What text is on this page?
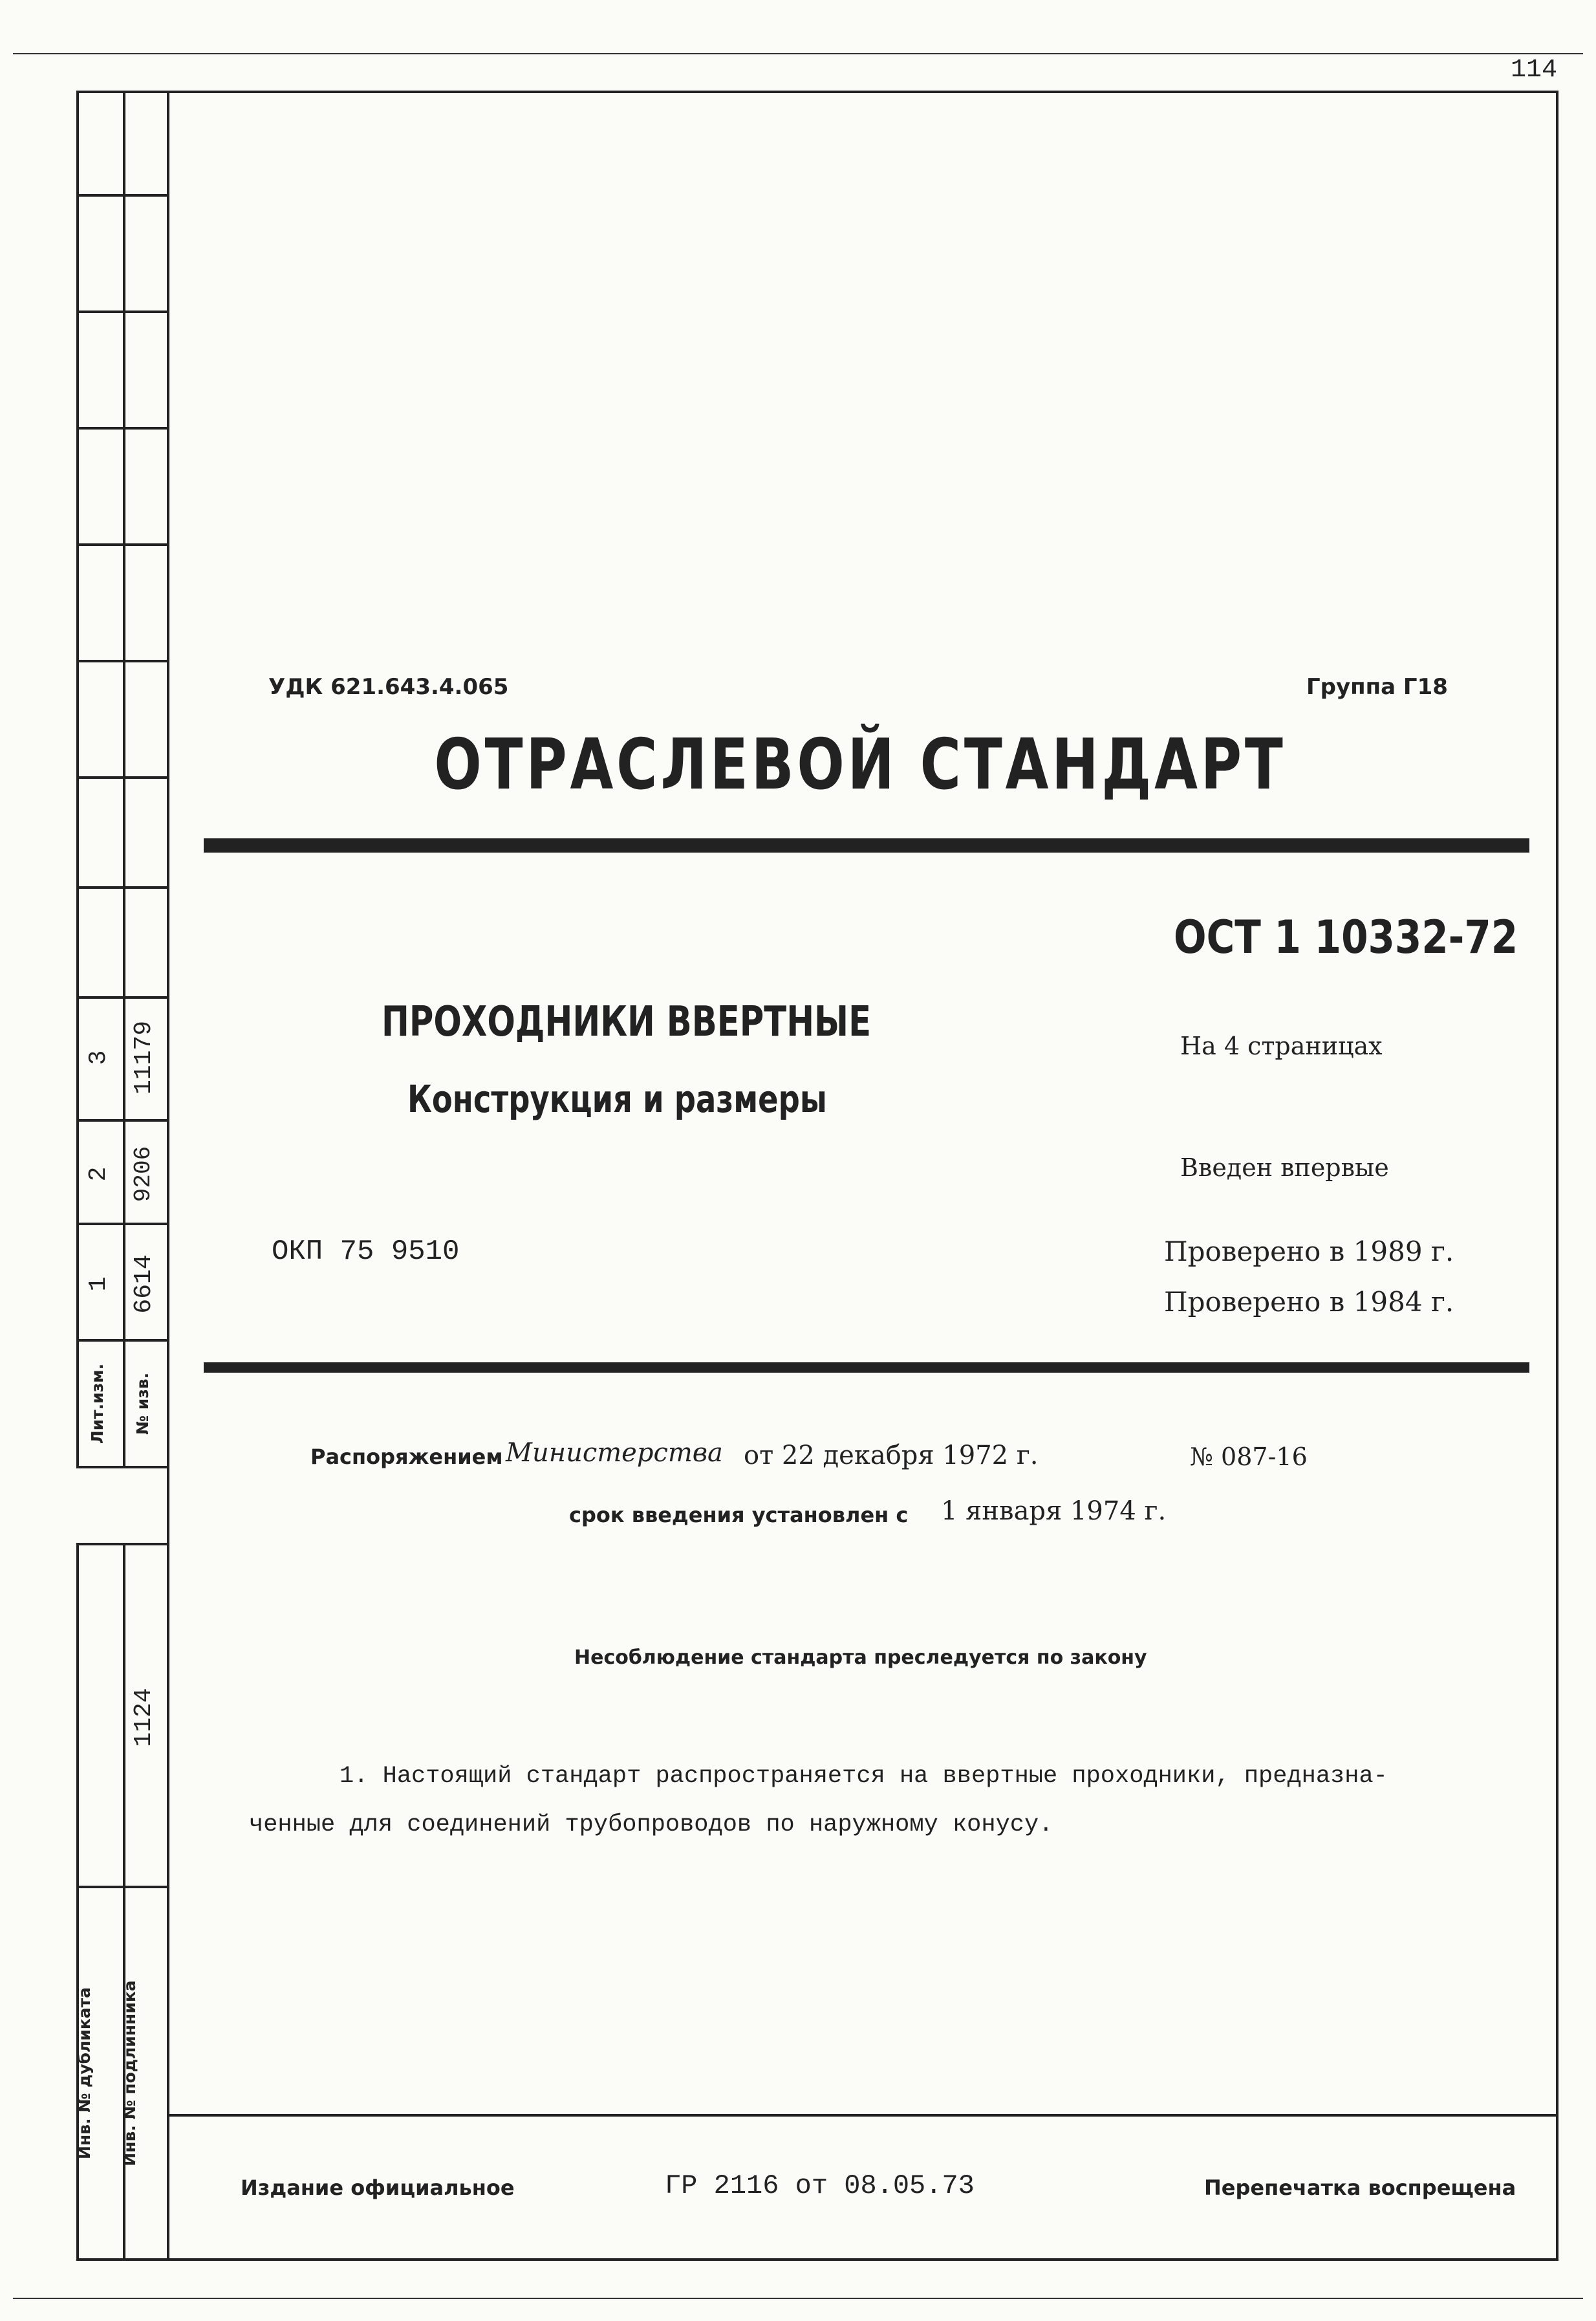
114
3 11179
2 9206
1 6614
Лит.изм.	№ изв.
1124
Инв. № дубликата	Инв. № подлинника
УДК 621.643.4.065	Группа Г18
ОТРАСЛЕВОЙ СТАНДАРТ
ОСТ 1 10332-72
ПРОХОДНИКИ ВВЕРТНЫЕ
Конструкция и размеры
На 4 страницах
Введен впервые
ОКП 75 9510	Проверено в 1989 г.
Проверено в 1984 г.
Распоряжением Министерства от 22 декабря 1972 г.	№ 087-16
срок введения установлен с 1 января 1974 г.
Несоблюдение стандарта преследуется по закону
1. Настоящий стандарт распространяется на ввертные проходники, предназна-
ченные для соединений трубопроводов по наружному конусу.
Издание официальное	ГР 2116 от 08.05.73	Перепечатка воспрещена
